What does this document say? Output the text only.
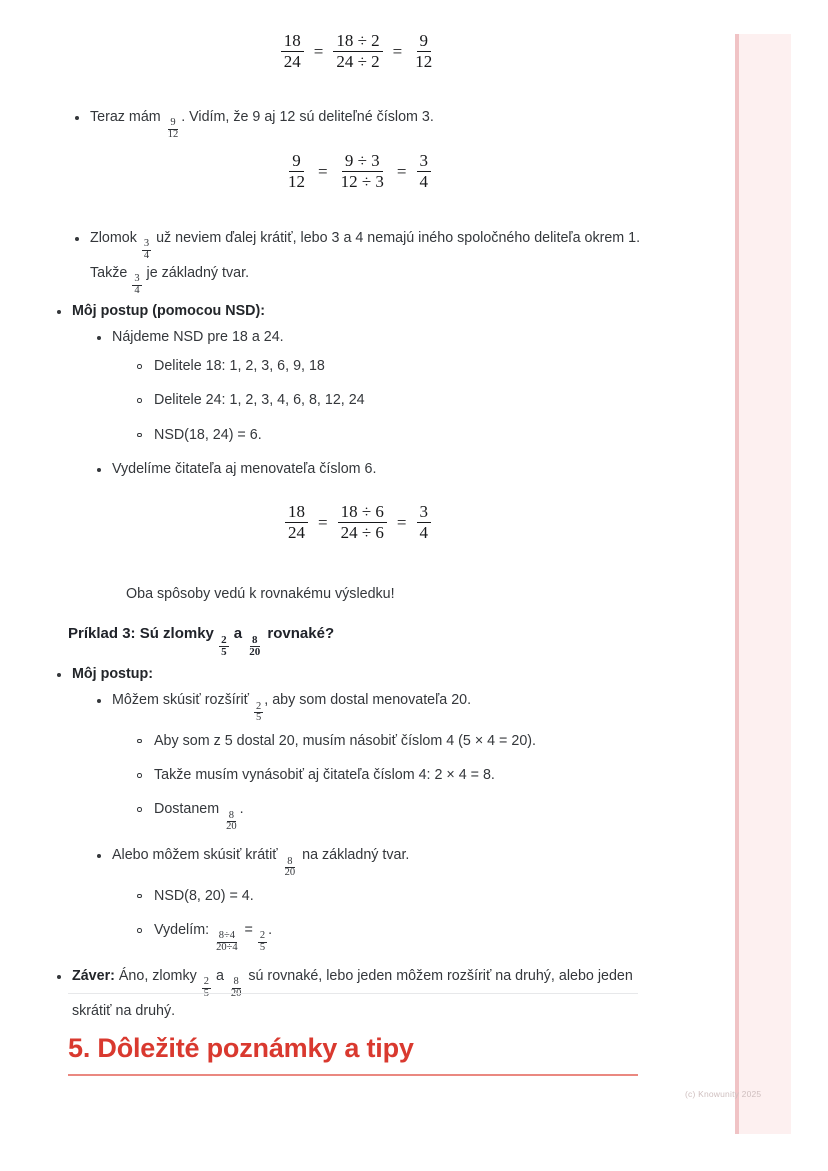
$\frac{18}{24} = \frac{18 \div 2}{24 \div 2} = \frac{9}{12}$
Teraz mám
$\frac{9}{12}$
. Vidím, že 9 aj 12 sú deliteľné číslom 3.
$\frac{9}{12} = \frac{9 \div 3}{12 \div 3} = \frac{3}{4}$
Zlomok
$\frac{3}{4}$
už neviem ďalej krátiť, lebo 3 a 4 nemajú iného spoločného deliteľa okrem 1. Takže
$\frac{3}{4}$
je základný tvar.
Môj postup (pomocou NSD):
Nájdeme NSD pre 18 a 24.
Delitele 18: 1, 2, 3, 6, 9, 18
Delitele 24: 1, 2, 3, 4, 6, 8, 12, 24
NSD(18, 24) = 6.
Vydelíme čitateľa aj menovateľa číslom 6.
$\frac{18}{24} = \frac{18 \div 6}{24 \div 6} = \frac{3}{4}$
Oba spôsoby vedú k rovnakému výsledku!
Príklad 3: Sú zlomky
$\frac{2}{5}$
a
$\frac{8}{20}$
rovnaké?
Môj postup:
Môžem skúsiť rozšíriť
$\frac{2}{5}$
, aby som dostal menovateľa 20.
Aby som z 5 dostal 20, musím násobiť číslom 4 (5 × 4 = 20).
Takže musím vynásobiť aj čitateľa číslom 4: 2 × 4 = 8.
Dostanem
$\frac{8}{20}$
.
Alebo môžem skúsiť krátiť
$\frac{8}{20}$
na základný tvar.
NSD(8, 20) = 4.
Vydelím:
$\frac{8\div 4}{20\div 4}$
=
$\frac{2}{5}$
.
Záver: Áno, zlomky 2 a 8 sú rovnaké, lebo jeden môžem rozšíriť na druhý, alebo jeden skrátiť na druhý.
5. Dôležité poznámky a tipy
(c) Knowunity 2025
